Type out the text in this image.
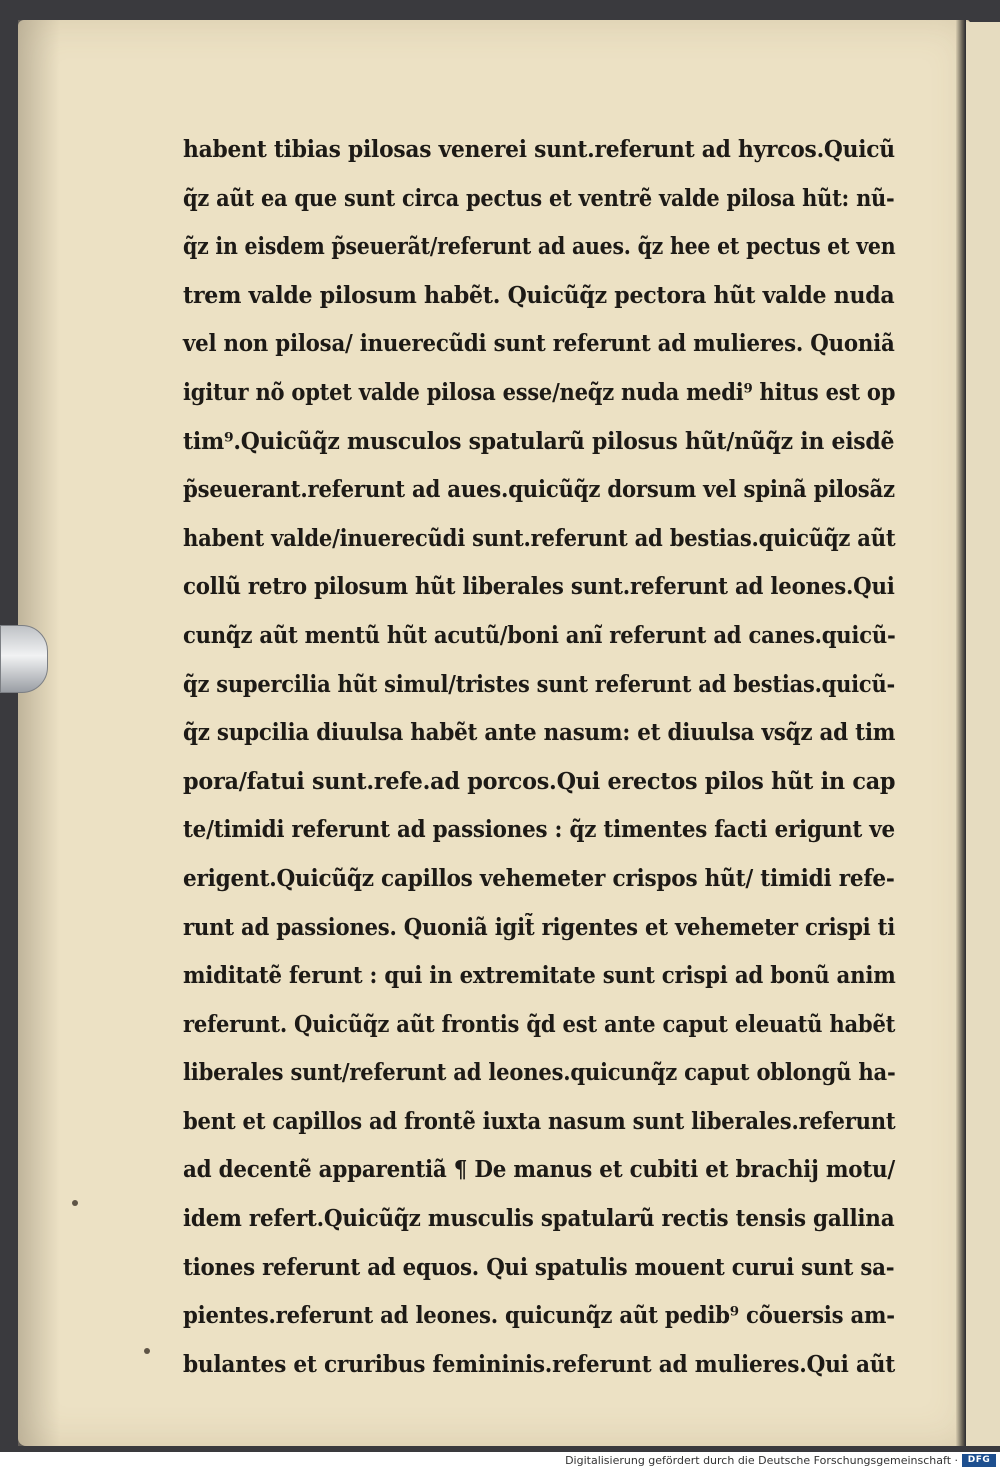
habent tibias pilosas venerei sunt.referunt ad hyrcos.Quicũ
q̃z aũt ea que sunt circa pectus et ventrẽ valde pilosa hũt: nũ-
q̃z in eisdem p̃seuerãt/referunt ad aues. q̃z hee et pectus et ven
trem valde pilosum habẽt. Quicũq̃z pectora hũt valde nuda
vel non pilosa/ inuerecũdi sunt referunt ad mulieres. Quoniã
igitur nõ optet valde pilosa esse/neq̃z nuda medi⁹ hitus est op
tim⁹.Quicũq̃z musculos spatularũ pilosus hũt/nũq̃z in eisdẽ
p̃seuerant.referunt ad aues.quicũq̃z dorsum vel spinã pilosãz
habent valde/inuerecũdi sunt.referunt ad bestias.quicũq̃z aũt
collũ retro pilosum hũt liberales sunt.referunt ad leones.Qui
cunq̃z aũt mentũ hũt acutũ/boni anĩ referunt ad canes.quicũ-
q̃z supercilia hũt simul/tristes sunt referunt ad bestias.quicũ-
q̃z supcilia diuulsa habẽt ante nasum: et diuulsa vsq̃z ad tim
pora/fatui sunt.refe.ad porcos.Qui erectos pilos hũt in cap
te/timidi referunt ad passiones : q̃z timentes facti erigunt ve
erigent.Quicũq̃z capillos vehemeter crispos hũt/ timidi refe-
runt ad passiones. Quoniã igit̃ rigentes et vehemeter crispi ti
miditatẽ ferunt : qui in extremitate sunt crispi ad bonũ anim
referunt. Quicũq̃z aũt frontis q̃d est ante caput eleuatũ habẽt
liberales sunt/referunt ad leones.quicunq̃z caput oblongũ ha-
bent et capillos ad frontẽ iuxta nasum sunt liberales.referunt
ad decentẽ apparentiã ¶ De manus et cubiti et brachij motu/
idem refert.Quicũq̃z musculis spatularũ rectis tensis gallina
tiones referunt ad equos. Qui spatulis mouent curui sunt sa-
pientes.referunt ad leones. quicunq̃z aũt pedib⁹ cõuersis am-
bulantes et cruribus femininis.referunt ad mulieres.Qui aũt
Digitalisierung gefördert durch die Deutsche Forschungsgemeinschaft ·	DFG
